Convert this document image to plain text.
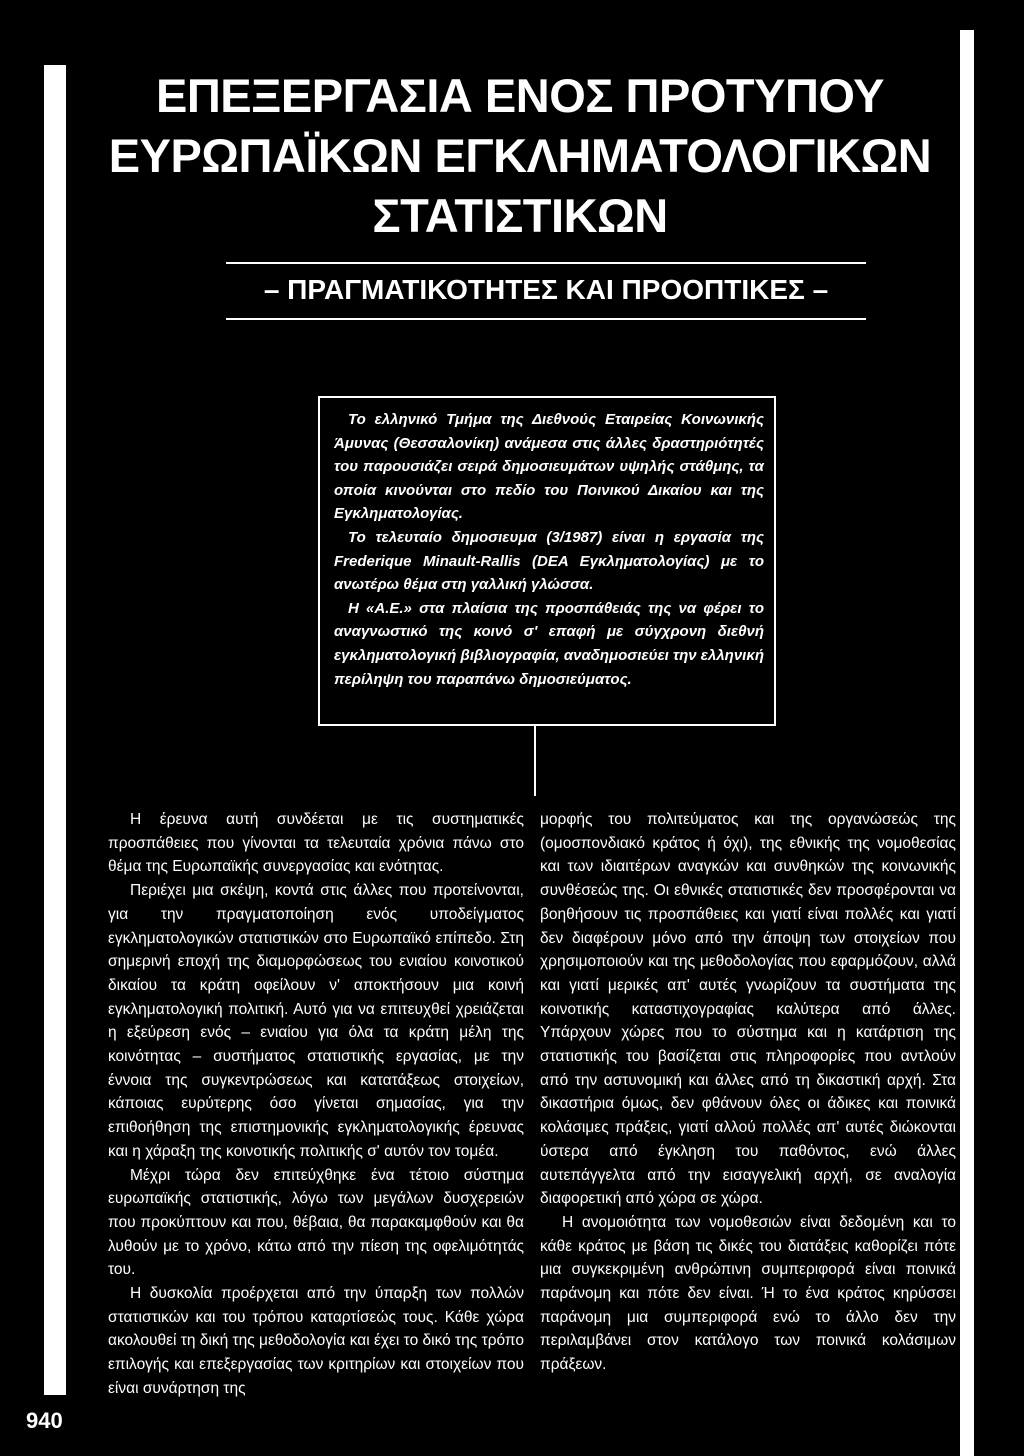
ΕΠΕΞΕΡΓΑΣΙΑ ΕΝΟΣ ΠΡΟΤΥΠΟΥ ΕΥΡΩΠΑΪΚΩΝ ΕΓΚΛΗΜΑΤΟΛΟΓΙΚΩΝ ΣΤΑΤΙΣΤΙΚΩΝ
– ΠΡΑΓΜΑΤΙΚΟΤΗΤΕΣ ΚΑΙ ΠΡΟΟΠΤΙΚΕΣ –

Το ελληνικό Τμήμα της Διεθνούς Εταιρείας Κοινωνικής Άμυνας (Θεσσαλονίκη) ανάμεσα στις άλλες δραστηριότητές του παρουσιάζει σειρά δημοσιευμάτων υψηλής στάθμης, τα οποία κινούνται στο πεδίο του Ποινικού Δικαίου και της Εγκληματολογίας.

Το τελευταίο δημοσιευμα (3/1987) είναι η εργασία της Frederique Minault-Rallis (DEA Εγκληματολογίας) με το ανωτέρω θέμα στη γαλλική γλώσσα.

Η «Α.Ε.» στα πλαίσια της προσπάθειάς της να φέρει το αναγνωστικό της κοινό σ' επαφή με σύγχρονη διεθνή εγκληματολογική βιβλιογραφία, αναδημοσιεύει την ελληνική περίληψη του παραπάνω δημοσιεύματος.

Η έρευνα αυτή συνδέεται με τις συστηματικές προσπάθειες που γίνονται τα τελευταία χρόνια πάνω στο θέμα της Ευρωπαϊκής συνεργασίας και ενότητας.

Περιέχει μια σκέψη, κοντά στις άλλες που προτείνονται, για την πραγματοποίηση ενός υποδείγματος εγκληματολογικών στατιστικών στο Ευρωπαϊκό επίπεδο. Στη σημερινή εποχή της διαμορφώσεως του ενιαίου κοινοτικού δικαίου τα κράτη οφείλουν ν' αποκτήσουν μια κοινή εγκληματολογική πολιτική. Αυτό για να επιτευχθεί χρειάζεται η εξεύρεση ενός – ενιαίου για όλα τα κράτη μέλη της κοινότητας – συστήματος στατιστικής εργασίας, με την έννοια της συγκεντρώσεως και κατατάξεως στοιχείων, κάποιας ευρύτερης όσο γίνεται σημασίας, για την επιθοήθηση της επιστημονικής εγκληματολογικής έρευνας και η χάραξη της κοινοτικής πολιτικής σ' αυτόν τον τομέα.

Μέχρι τώρα δεν επιτεύχθηκε ένα τέτοιο σύστημα ευρωπαϊκής στατιστικής, λόγω των μεγάλων δυσχερειών που προκύπτουν και που, θέβαια, θα παρακαμφθούν και θα λυθούν με το χρόνο, κάτω από την πίεση της οφελιμότητάς του.

Η δυσκολία προέρχεται από την ύπαρξη των πολλών στατιστικών και του τρόπου καταρτίσεώς τους. Κάθε χώρα ακολουθεί τη δική της μεθοδολογία και έχει το δικό της τρόπο επιλογής και επεξεργασίας των κριτηρίων και στοιχείων που είναι συνάρτηση της

μορφής του πολιτεύματος και της οργανώσεώς της (ομοσπονδιακό κράτος ή όχι), της εθνικής της νομοθεσίας και των ιδιαιτέρων αναγκών και συνθηκών της κοινωνικής συνθέσεώς της. Οι εθνικές στατιστικές δεν προσφέρονται να βοηθήσουν τις προσπάθειες και γιατί είναι πολλές και γιατί δεν διαφέρουν μόνο από την άποψη των στοιχείων που χρησιμοποιούν και της μεθοδολογίας που εφαρμόζουν, αλλά και γιατί μερικές απ' αυτές γνωρίζουν τα συστήματα της κοινοτικής καταστιχογραφίας καλύτερα από άλλες. Υπάρχουν χώρες που το σύστημα και η κατάρτιση της στατιστικής του βασίζεται στις πληροφορίες που αντλούν από την αστυνομική και άλλες από τη δικαστική αρχή. Στα δικαστήρια όμως, δεν φθάνουν όλες οι άδικες και ποινικά κολάσιμες πράξεις, γιατί αλλού πολλές απ' αυτές διώκονται ύστερα από έγκληση του παθόντος, ενώ άλλες αυτεπάγγελτα από την εισαγγελική αρχή, σε αναλογία διαφορετική από χώρα σε χώρα.

Η ανομοιότητα των νομοθεσιών είναι δεδομένη και το κάθε κράτος με βάση τις δικές του διατάξεις καθορίζει πότε μια συγκεκριμένη ανθρώπινη συμπεριφορά είναι ποινικά παράνομη και πότε δεν είναι. Ή το ένα κράτος κηρύσσει παράνομη μια συμπεριφορά ενώ το άλλο δεν την περιλαμβάνει στον κατάλογο των ποινικά κολάσιμων πράξεων.

940
